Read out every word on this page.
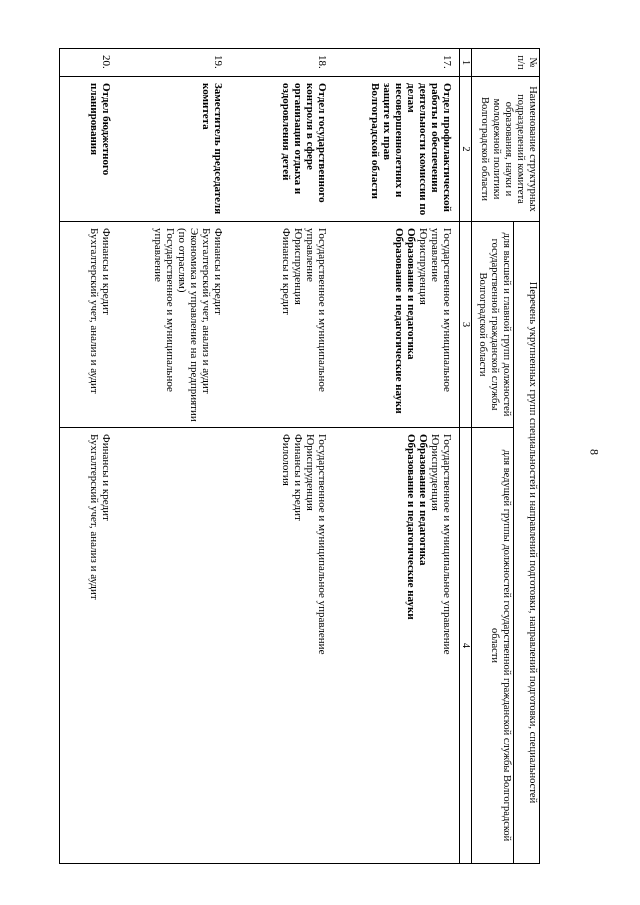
8
№ п/п	Наименование структурных подразделений комитета образования, науки и молодежной политики Волгоградской области	Перечень укрупненных групп специальностей и направлений подготовки, направлений подготовки, специальностей	
		для высшей и главной групп должностей государственной гражданской службы Волгоградской области	для ведущей группы должностей государственной гражданской службы Волгоградской области
1	2	3	4
17.	Отдел профилактической работы и обеспечения деятельности комиссии по делам несовершеннолетних и защите их прав Волгоградской области	Государственное и муниципальное управление
Юриспруденция
Образование и педагогика
Образование и педагогические науки	Государственное и муниципальное управление
Юриспруденция
Образование и педагогика
Образование и педагогические науки

18.	Отдел государственного контроля в сфере организации отдыха и оздоровления детей	Государственное и муниципальное управление
Юриспруденция
Финансы и кредит	Государственное и муниципальное управление
Юриспруденция
Финансы и кредит
Филология

19.	Заместитель председателя комитета	Финансы и кредит
Бухгалтерский учет, анализ и аудит
Экономика и управление на предприятии (по отраслям)
Государственное и муниципальное управление	

20.	Отдел бюджетного планирования	Финансы и кредит
Бухгалтерский учет, анализ и аудит	Финансы и кредит
Бухгалтерский учет, анализ и аудит
